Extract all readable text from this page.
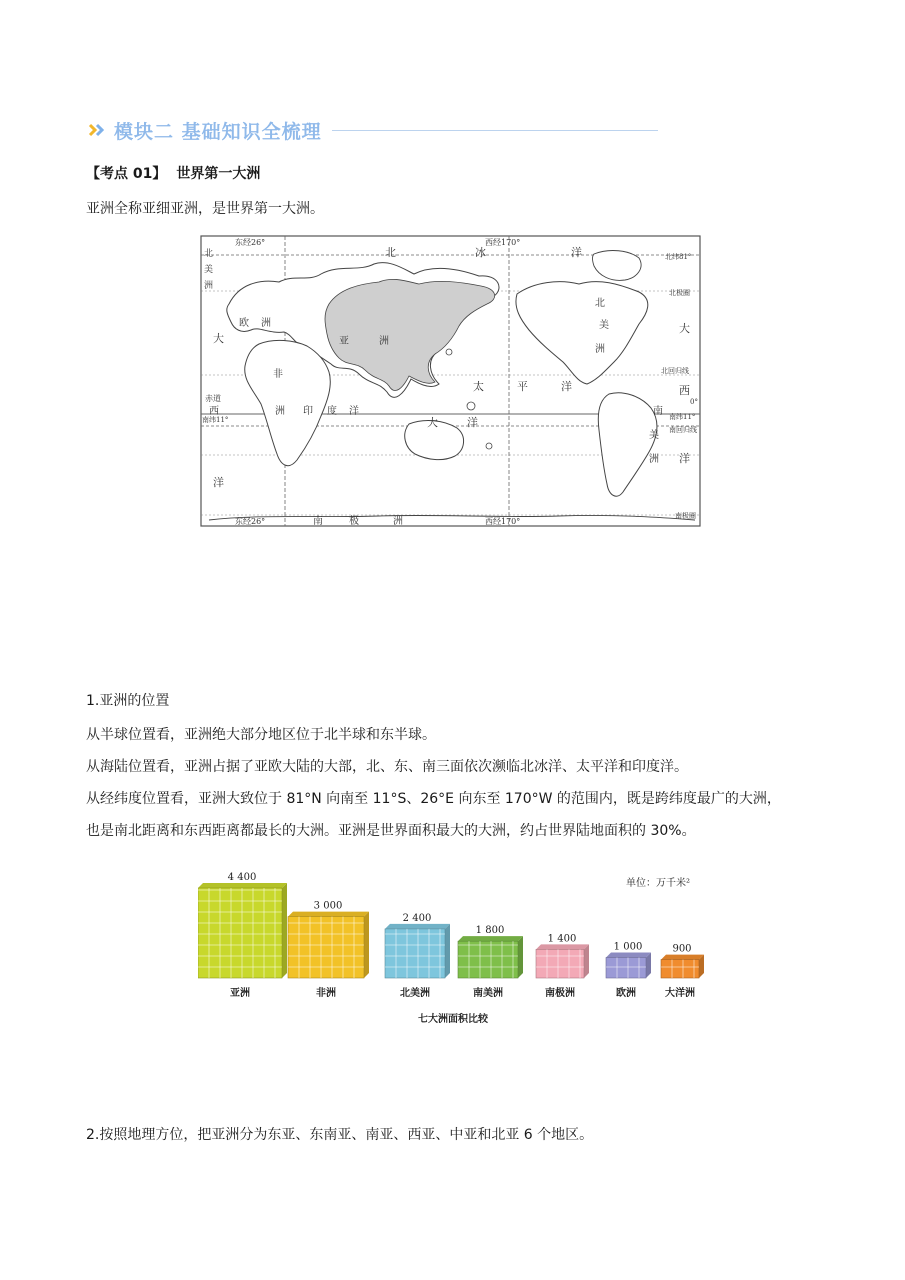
模块二 基础知识全梳理
【考点 01】 世界第一大洲
亚洲全称亚细亚洲，是世界第一大洲。
东经26°	西经170°
北纬81°
北极圈
北回归线
赤道
南纬11°
0°
南纬11°
南回归线
南极圈
东经26°	西经170°
北	冰	洋
北
美
洲
欧 洲
大	亚	洲
非
洲
西	印 度 洋
太	平	洋
大	洋
北
美
洲
大
西
南
美
洲 洋
洋
南	极	洲
1.亚洲的位置
从半球位置看，亚洲绝大部分地区位于北半球和东半球。
从海陆位置看，亚洲占据了亚欧大陆的大部，北、东、南三面依次濒临北冰洋、太平洋和印度洋。
从经纬度位置看，亚洲大致位于 81°N 向南至 11°S、26°E 向东至 170°W 的范围内，既是跨纬度最广的大洲，
也是南北距离和东西距离都最长的大洲。亚洲是世界面积最大的大洲，约占世界陆地面积的 30%。
单位：万千米²
七大洲面积比较
4 400
亚洲
3 000
非洲
2 400
北美洲
1 800
南美洲
1 400
南极洲
1 000
欧洲
900
大洋洲
2.按照地理方位，把亚洲分为东亚、东南亚、南亚、西亚、中亚和北亚 6 个地区。
